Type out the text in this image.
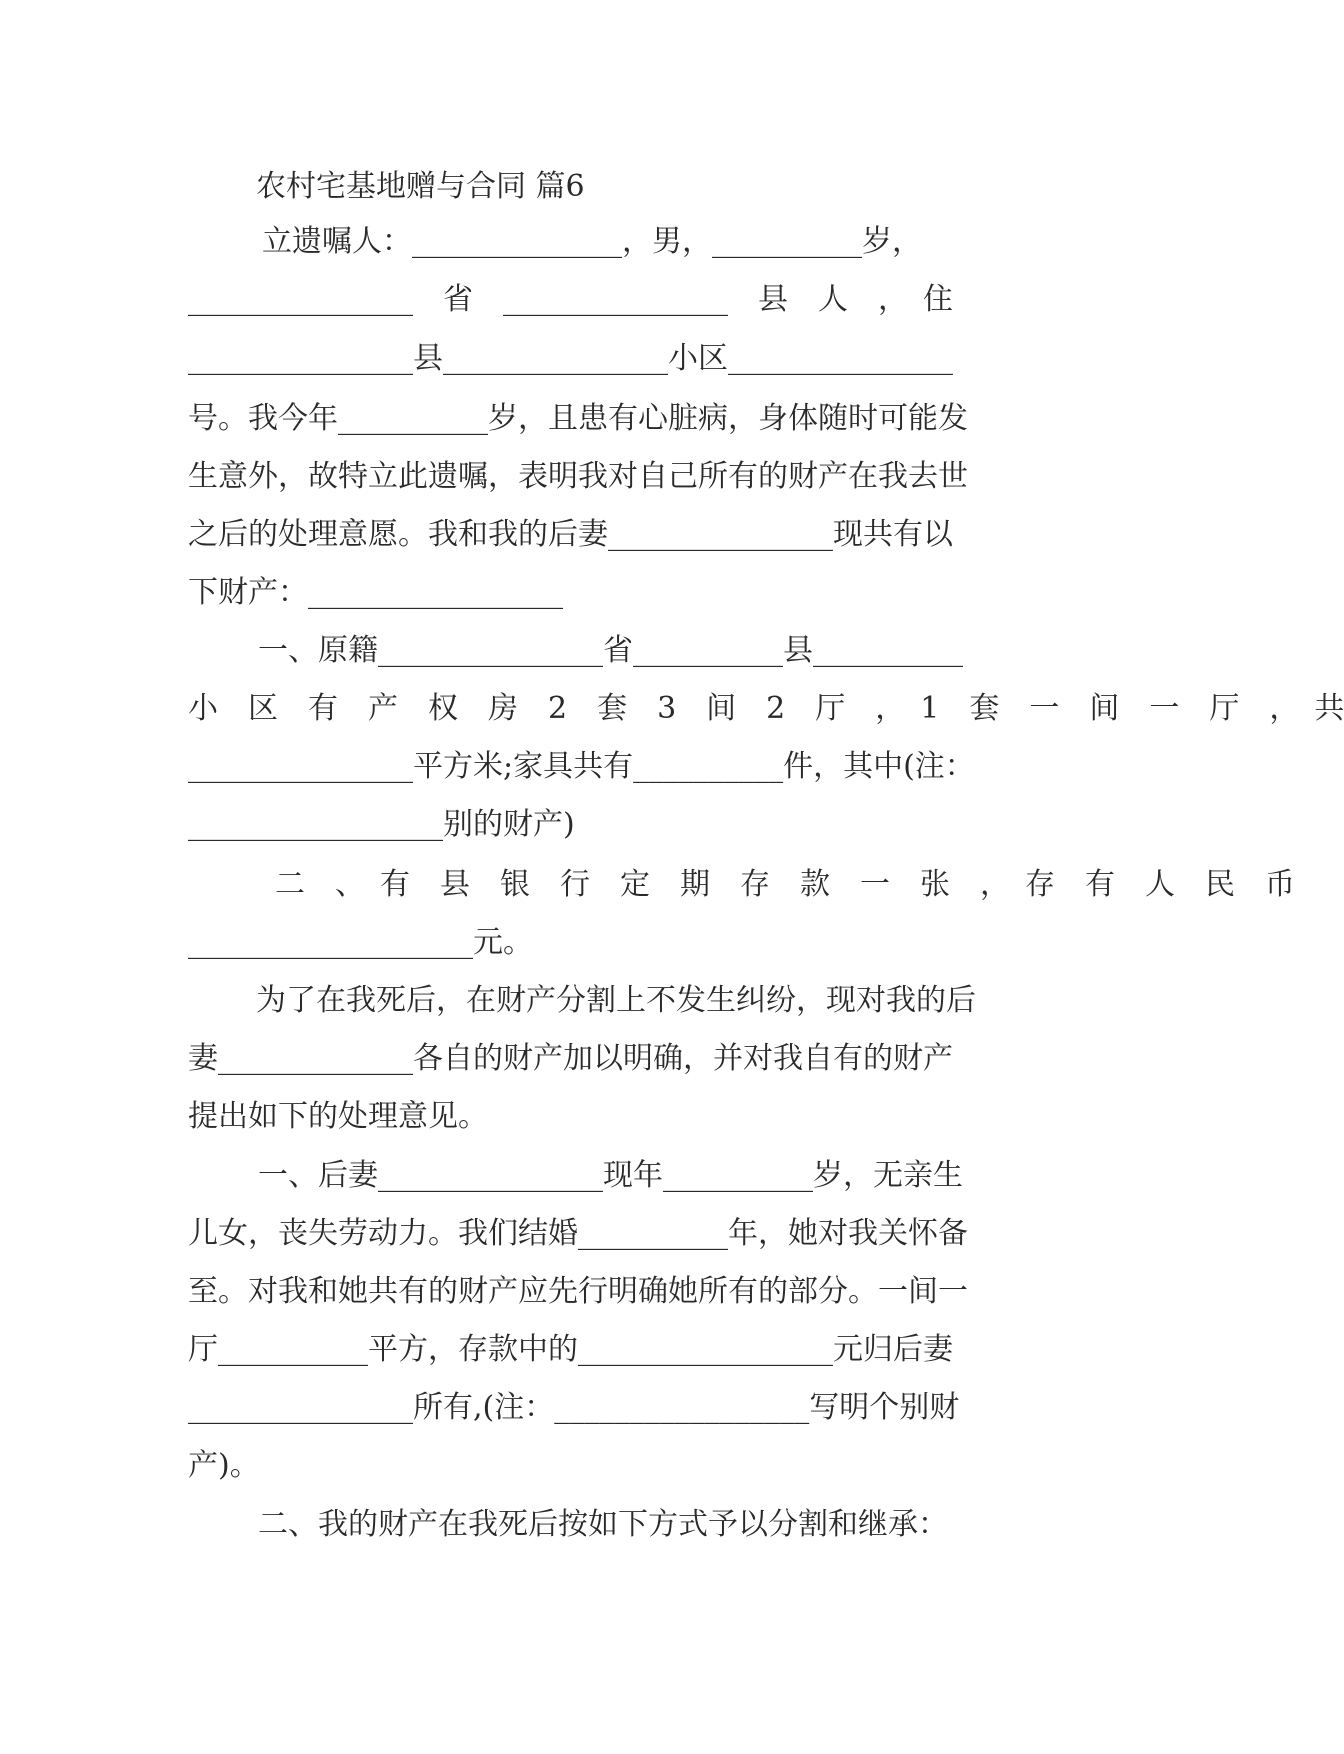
农村宅基地赠与合同 篇6
立遗嘱人：______________，男，__________岁，
_______________　省　_______________　县　人　，　住
_______________县_______________小区_______________
号。我今年__________岁，且患有心脏病，身体随时可能发
生意外，故特立此遗嘱，表明我对自己所有的财产在我去世
之后的处理意愿。我和我的后妻_______________现共有以
下财产：_________________
一、原籍_______________省__________县__________
小　区　有　产　权　房　2　套　3　间　2　厅　，　1　套　一　间　一　厅　，　共
_______________平方米;家具共有__________件，其中(注：
_________________别的财产)
二　、　有　县　银　行　定　期　存　款　一　张　，　存　有　人　民　币
___________________元。
为了在我死后，在财产分割上不发生纠纷，现对我的后
妻_____________各自的财产加以明确，并对我自有的财产
提出如下的处理意见。
一、后妻_______________现年__________岁，无亲生
儿女，丧失劳动力。我们结婚__________年，她对我关怀备
至。对我和她共有的财产应先行明确她所有的部分。一间一
厅__________平方，存款中的_________________元归后妻
_______________所有,(注：_________________写明个别财
产)。
二、我的财产在我死后按如下方式予以分割和继承：
